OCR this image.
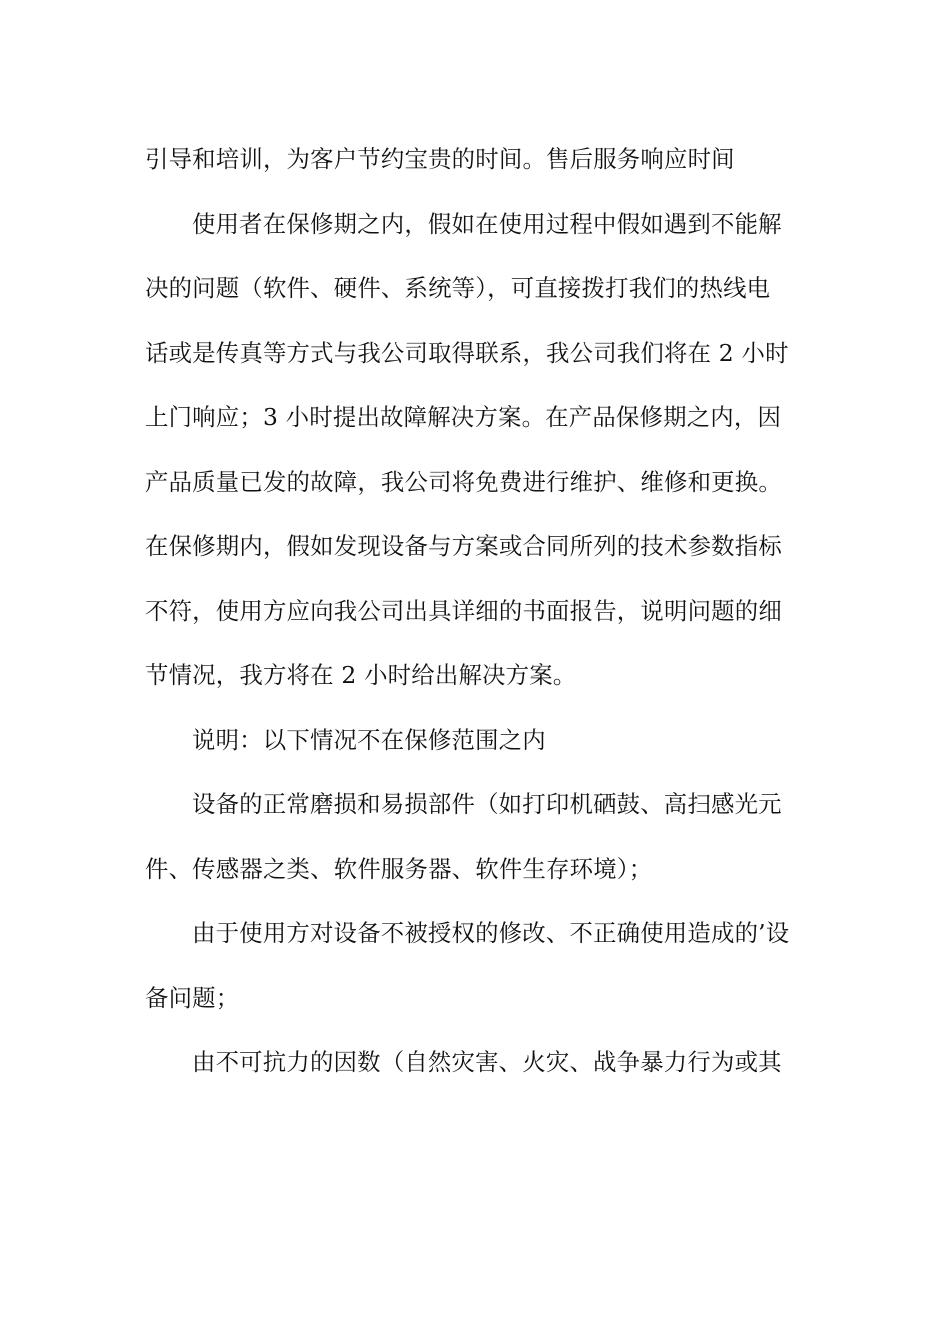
引导和培训，为客户节约宝贵的时间。售后服务响应时间
使用者在保修期之内，假如在使用过程中假如遇到不能解
决的问题（软件、硬件、系统等），可直接拨打我们的热线电
话或是传真等方式与我公司取得联系，我公司我们将在 2 小时
上门响应；3 小时提出故障解决方案。在产品保修期之内，因
产品质量已发的故障，我公司将免费进行维护、维修和更换。
在保修期内，假如发现设备与方案或合同所列的技术参数指标
不符，使用方应向我公司出具详细的书面报告，说明问题的细
节情况，我方将在 2 小时给出解决方案。
说明：以下情况不在保修范围之内
设备的正常磨损和易损部件（如打印机硒鼓、高扫感光元
件、传感器之类、软件服务器、软件生存环境）；
由于使用方对设备不被授权的修改、不正确使用造成的’设
备问题；
由不可抗力的因数（自然灾害、火灾、战争暴力行为或其
